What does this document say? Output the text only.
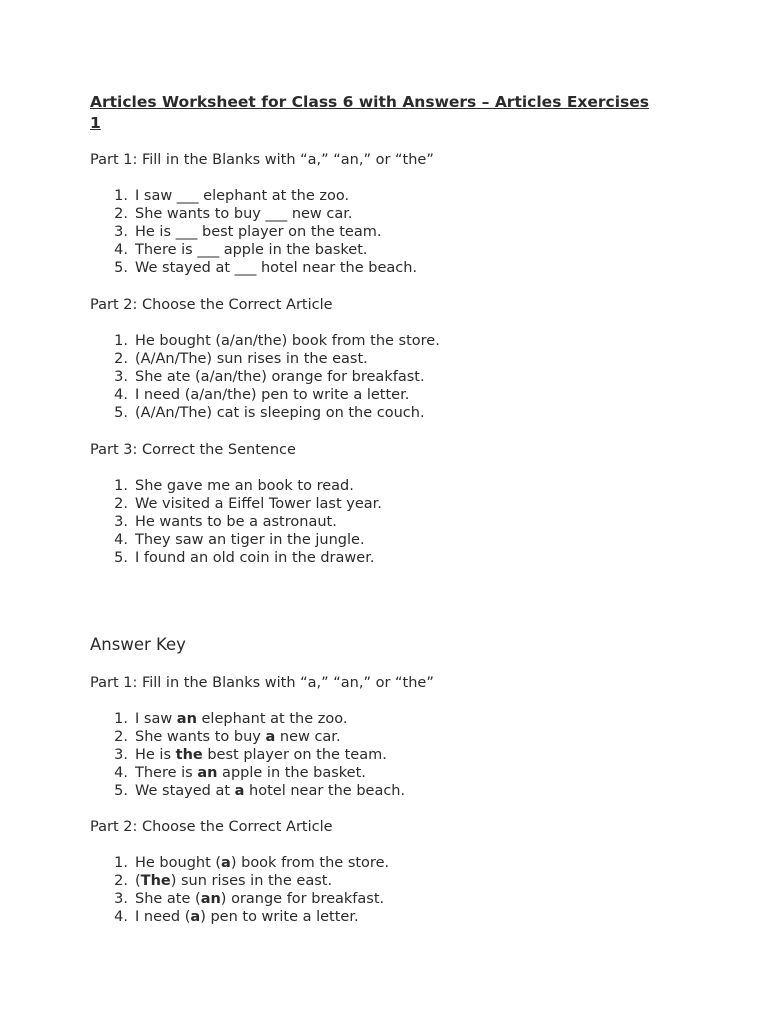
Articles Worksheet for Class 6 with Answers – Articles Exercises 1
Part 1: Fill in the Blanks with “a,” “an,” or “the”
1. I saw ___ elephant at the zoo.
2. She wants to buy ___ new car.
3. He is ___ best player on the team.
4. There is ___ apple in the basket.
5. We stayed at ___ hotel near the beach.
Part 2: Choose the Correct Article
1. He bought (a/an/the) book from the store.
2. (A/An/The) sun rises in the east.
3. She ate (a/an/the) orange for breakfast.
4. I need (a/an/the) pen to write a letter.
5. (A/An/The) cat is sleeping on the couch.
Part 3: Correct the Sentence
1. She gave me an book to read.
2. We visited a Eiffel Tower last year.
3. He wants to be a astronaut.
4. They saw an tiger in the jungle.
5. I found an old coin in the drawer.
Answer Key
Part 1: Fill in the Blanks with “a,” “an,” or “the”
1. I saw an elephant at the zoo.
2. She wants to buy a new car.
3. He is the best player on the team.
4. There is an apple in the basket.
5. We stayed at a hotel near the beach.
Part 2: Choose the Correct Article
1. He bought (a) book from the store.
2. (The) sun rises in the east.
3. She ate (an) orange for breakfast.
4. I need (a) pen to write a letter.
